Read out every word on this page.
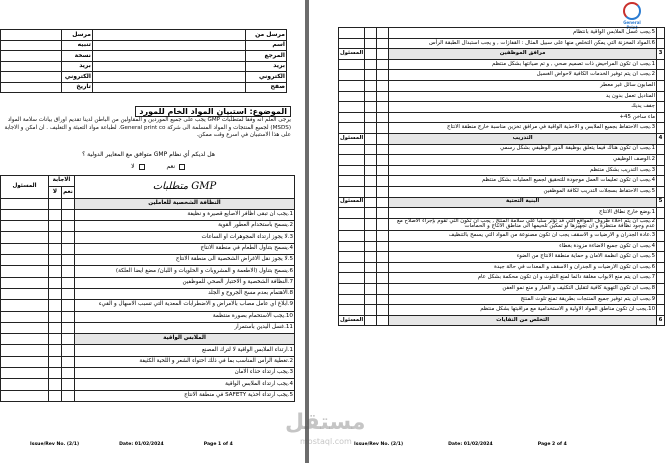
	مرسل		مرسل من
	تنبيه		اسم
	نسخة		المرجع
	بريد		بريد
	الكتروني		الكتروني
	تاريخ		صفح
الموضوع: استبيان المواد الخام للمورد
يرجى العلم انه وفقا لمتطلبات GMP يجب على جميع الموردين و المقاولين من الباطن لدينا تقديم اوراق بيانات سلامة المواد (MSDS) لجميع المنتجات و المواد المسلمة الى شركة General print co. لطباعة مواد التعبئة و التغليف . ان امكن و الاجابة على هذا الاستبيان في اسرع وقت ممكن.
هل لديكم أي نظام GMP متوافق مع المعايير الدولية ؟
نعم
لا
المسئول	الاجابة		متطلبات GMP
	لا	نعم	
			النظافة الشخصية للعاملين
			1.يجب ان تبقى اظافر الاصابع قصيرة و نظيفة
			2.يسمح باستخدام العطور القوية
			3.لا يجوز ارتداء المجوهرات او الساعات
			4.يسمح بتناول الطعام في منطقة الانتاج
			5.لا يجوز نقل الاغراض الشخصية الى منطقة الانتاج
			6.يسمح بتناول (الاطعمة و المشروبات و الحلويات و اللبان/ مضغ ايضا العلكة)
			7.النظافة الشخصية و الاختبار الصحي للموظفين
			8.الاهتمام بعدم مسح الجروح و الجلد
			9.ابلاغ اي عامل مصاب بالامراض و الاضطرابات المعدية التي تسبب الاسهال و القيء
			10.يجب الاستحمام بصورة منتظمة
			11.غسل اليدين باستمرار
			الملابس الواقية
			1.ارتداء الملابس الواقية لا لترك المصنع
			2.تغطية الرأس المناسب بما في ذلك احتواء الشعر و اللحية الكثيفة
			3.يجب ارتداء حذاء الامان
			4.يجب ارتداء الملابس الواقية
			5.يجب ارتداء احذية SAFETY في منطقة الانتاج
Issue/Rev No. (2/1)	Date: 01/02/2024	Page 1 of 4
General Print
			5.يجب غسل الملابس الواقية بانتظام	
			6.المواد المخزنة التي يمكن التخلص منها على سبيل المثال : القفازات , و يجب استبدال الطبقة الرأس	
المسئول			مرافق الموظفين	3
			1.يجب ان تكون المراحيض ذات تصميم صحي , و تم صيانتها بشكل منتظم	
			2.يجب ان يتم توفير الخدمات الكافية لاحواض الغسيل	
			الصابون سائل غير معطر	
			المناديل تعمل بدون يد	
			جفف يديك	
			ماء ساخن 45+	
			3.يجب الاحتفاظ بجميع الملابس و الاحذية الواقية في مرافق تخزين مناسبة خارج منطقة الانتاج	
المسئول			التدريب	4
			1.يجب ان تكون هناك فيما يتعلق بوظيفة الدور الوظيفي بشكل رسمي	
			2.الوصف الوظيفي	
			3.يجب التدريب بشكل منتظم	
			4.يجب ان تكون تعليمات العمل موجودة للتحقيق لجميع العمليات بشكل منتظم	
			5.يجب الاحتفاظ بسجلات التدريب لكافة الموظفين	
المسئول			البنية التحتية	5
			1.وضع خارج نطاق الانتاج	
			2.يجب ان يتم اخلاء ظروف المواقع التي قد تؤثر سلبا على سلامة المنتج , يجب ان تكون التي تقوم بإجراء الاصلاح مع عدم وجود نظافة منتظرة و ان تجهيزها او تمكين تلحيمها الى مناطق الانتاج و الحمامات	
			3.عادة الجدران و الارضيات و الاسقف يجب ان تكون مصنوعة من المواد التي يسمح بالتنظيف	
			4.يجب ان تكون جميع الاضاءة مزودة بغطاء	
			5.يجب ان تكون انظمة الامان و حماية منطقة الانتاج من الضوء	
			6.يجب ان تكون الارضيات و الجدران و الاسقف و المعدات في حالة جيدة	
			7.يجب ان يتم منع الابواب مغلقة دائما لمنع التلوث و ان تكون محكمة بشكل عام	
			8.يجب ان تكون التهوية كافية لتقليل التكثيف و الغبار و منع نمو العفن	
			9.يجب ان يتم توفير جميع المنتجات بطريقة تمنع تلوث المنتج	
			10.يجب ان تكون مناطق المواد الاولية و الاستخدامية مع مراقبتها بشكل منتظم	
المسئول			التخلص من النفايات	6
Issue/Rev No. (2/1)	Date: 01/02/2024	Page 2 of 4
مستقل
mostaql.com
